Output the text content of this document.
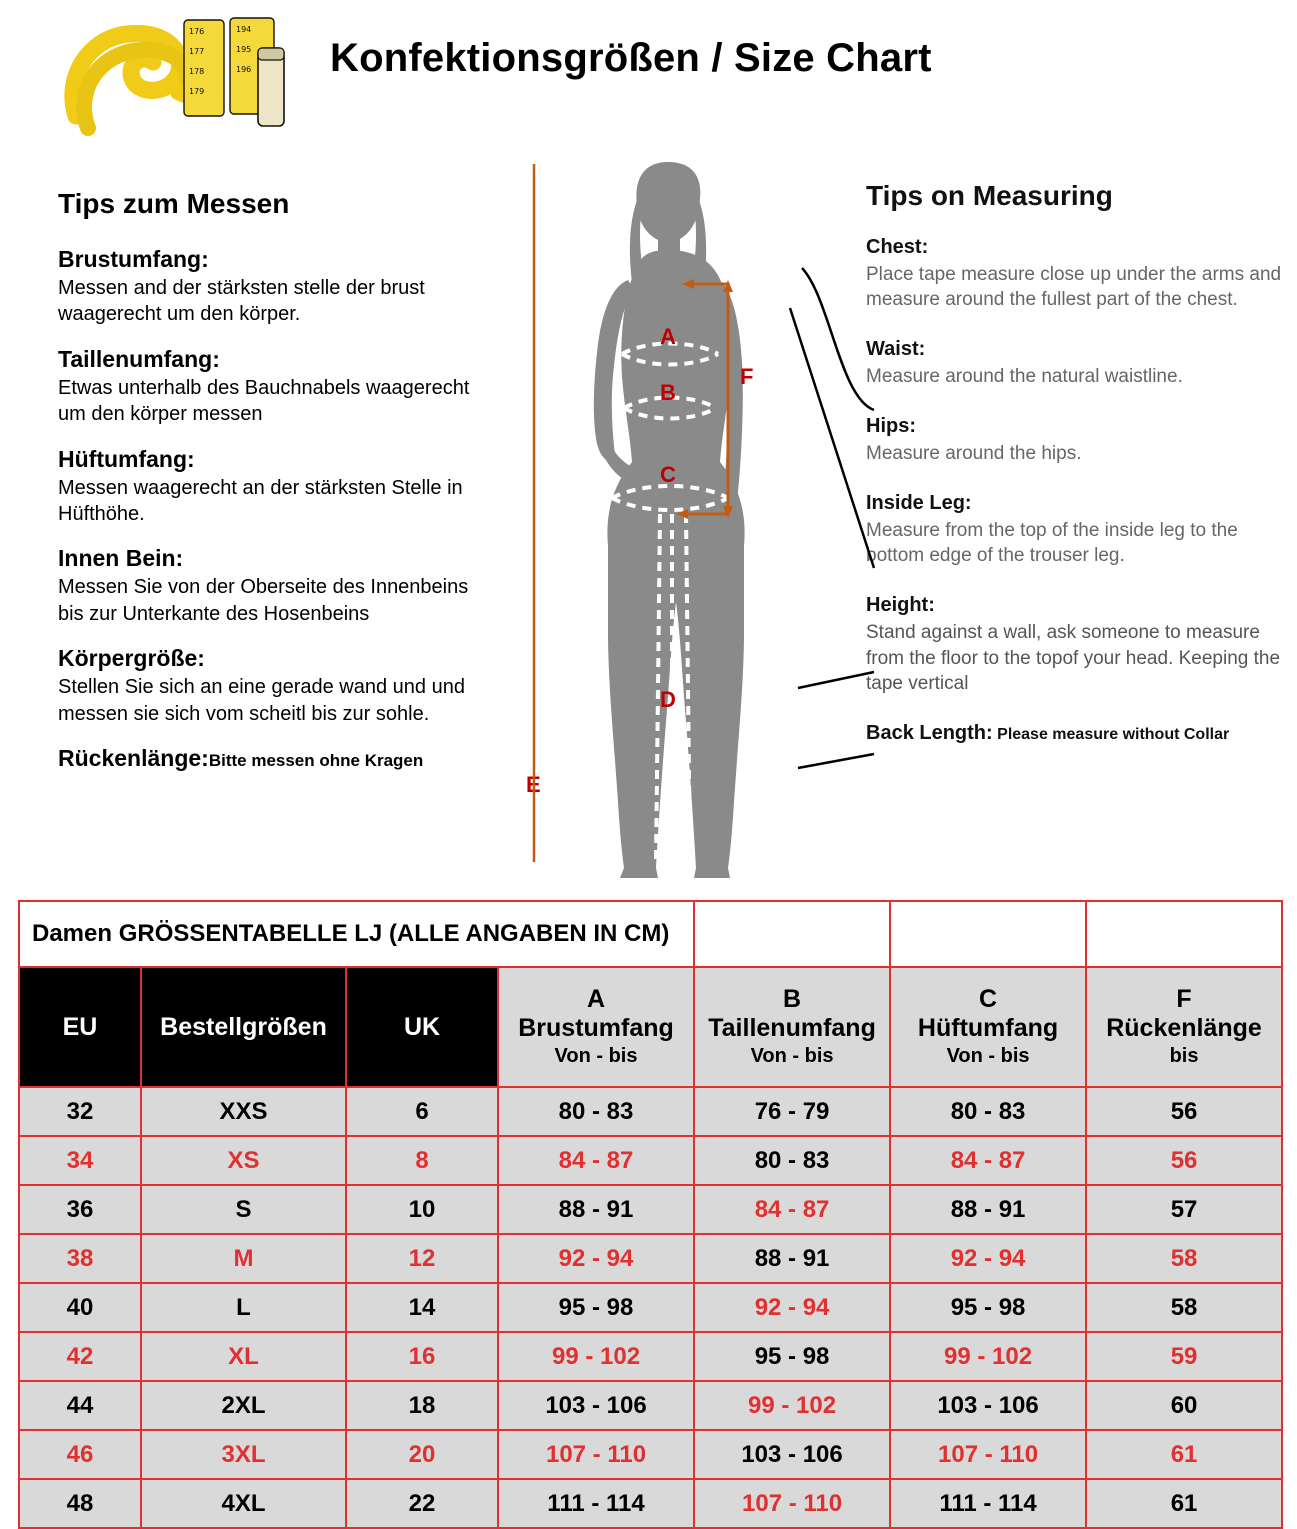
176
177
178
179
194
195
196 Konfektionsgrößen / Size Chart
Tips zum Messen

Brustumfang:

Messen and der stärksten stelle der brust waagerecht um den körper.

Taillenumfang:

Etwas unterhalb des Bauchnabels waagerecht um den körper messen

Hüftumfang:

Messen waagerecht an der stärksten Stelle in Hüfthöhe.

Innen Bein:

Messen Sie von der Oberseite des Innenbeins bis zur Unterkante des Hosenbeins

Körpergröße:

Stellen Sie sich an eine gerade wand und und messen sie sich vom scheitl bis zur sohle.

Rückenlänge:Bitte messen ohne Kragen
A
B
C
D
E
F
Tips on Measuring

Chest:

Place tape measure close up under the arms and measure around the fullest part of the chest.

Waist:

Measure around the natural waistline.

Hips:

Measure around the hips.

Inside Leg:

Measure from the top of the inside leg to the bottom edge of the trouser leg.

Height:

Stand against a wall, ask someone to measure from the floor to the topof your head. Keeping the tape vertical

Back Length: Please measure without Collar
Damen GRÖSSENTABELLE LJ (ALLE ANGABEN IN CM)						

EU	Bestellgrößen	UK

A
Brustumfang
Von - bis

B
Taillenumfang
Von - bis

C
Hüftumfang
Von - bis

F
Rückenlänge
bis

32	XXS	6	80 - 83	76 - 79	80 - 83	56
34	XS	8	84 - 87	80 - 83	84 - 87	56
36	S	10	88 - 91	84 - 87	88 - 91	57
38	M	12	92 - 94	88 - 91	92 - 94	58
40	L	14	95 - 98	92 - 94	95 - 98	58
42	XL	16	99 - 102	95 - 98	99 - 102	59
44	2XL	18	103 - 106	99 - 102	103 - 106	60
46	3XL	20	107 - 110	103 - 106	107 - 110	61
48	4XL	22	111 - 114	107 - 110	111 - 114	61
